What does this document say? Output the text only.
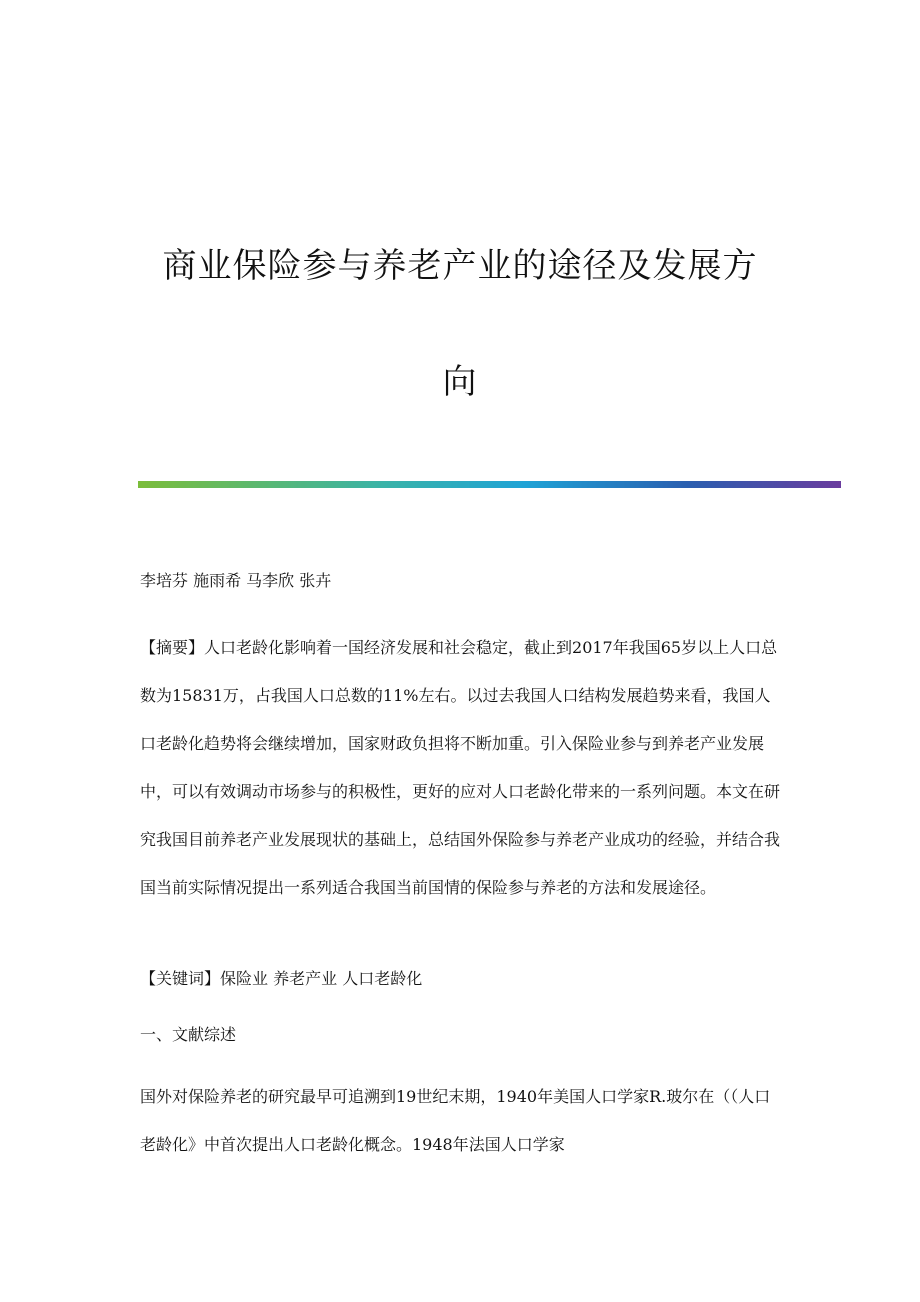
商业保险参与养老产业的途径及发展方
向

李培芬 施雨希 马李欣 张卉

【摘要】人口老龄化影响着一国经济发展和社会稳定，截止到2017年我国65岁以上人口总数为15831万，占我国人口总数的11%左右。以过去我国人口结构发展趋势来看，我国人口老龄化趋势将会继续增加，国家财政负担将不断加重。引入保险业参与到养老产业发展中，可以有效调动市场参与的积极性，更好的应对人口老龄化带来的一系列问题。本文在研究我国目前养老产业发展现状的基础上，总结国外保险参与养老产业成功的经验，并结合我国当前实际情况提出一系列适合我国当前国情的保险参与养老的方法和发展途径。

【关键词】保险业 养老产业 人口老龄化

一、文献综述

国外对保险养老的研究最早可追溯到19世纪末期，1940年美国人口学家R.玻尔在（（人口老龄化》中首次提出人口老龄化概念。1948年法国人口学家
